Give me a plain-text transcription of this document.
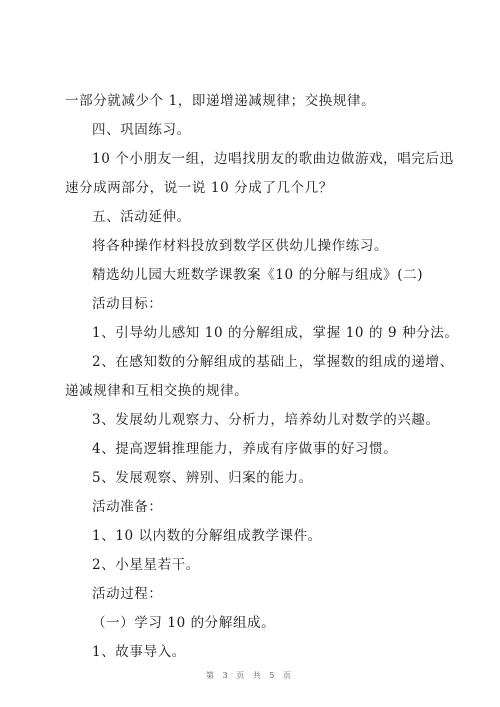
一部分就减少个 1，即递增递减规律；交换规律。
四、巩固练习。
10 个小朋友一组，边唱找朋友的歌曲边做游戏，唱完后迅
速分成两部分，说一说 10 分成了几个几？
五、活动延伸。
将各种操作材料投放到数学区供幼儿操作练习。
精选幼儿园大班数学课教案《10 的分解与组成》(二)
活动目标：
1、引导幼儿感知 10 的分解组成，掌握 10 的 9 种分法。
2、在感知数的分解组成的基础上，掌握数的组成的递增、
递减规律和互相交换的规律。
3、发展幼儿观察力、分析力，培养幼儿对数学的兴趣。
4、提高逻辑推理能力，养成有序做事的好习惯。
5、发展观察、辨别、归案的能力。
活动准备：
1、10 以内数的分解组成教学课件。
2、小星星若干。
活动过程：
（一）学习 10 的分解组成。
1、故事导入。
第 3 页 共 5 页
